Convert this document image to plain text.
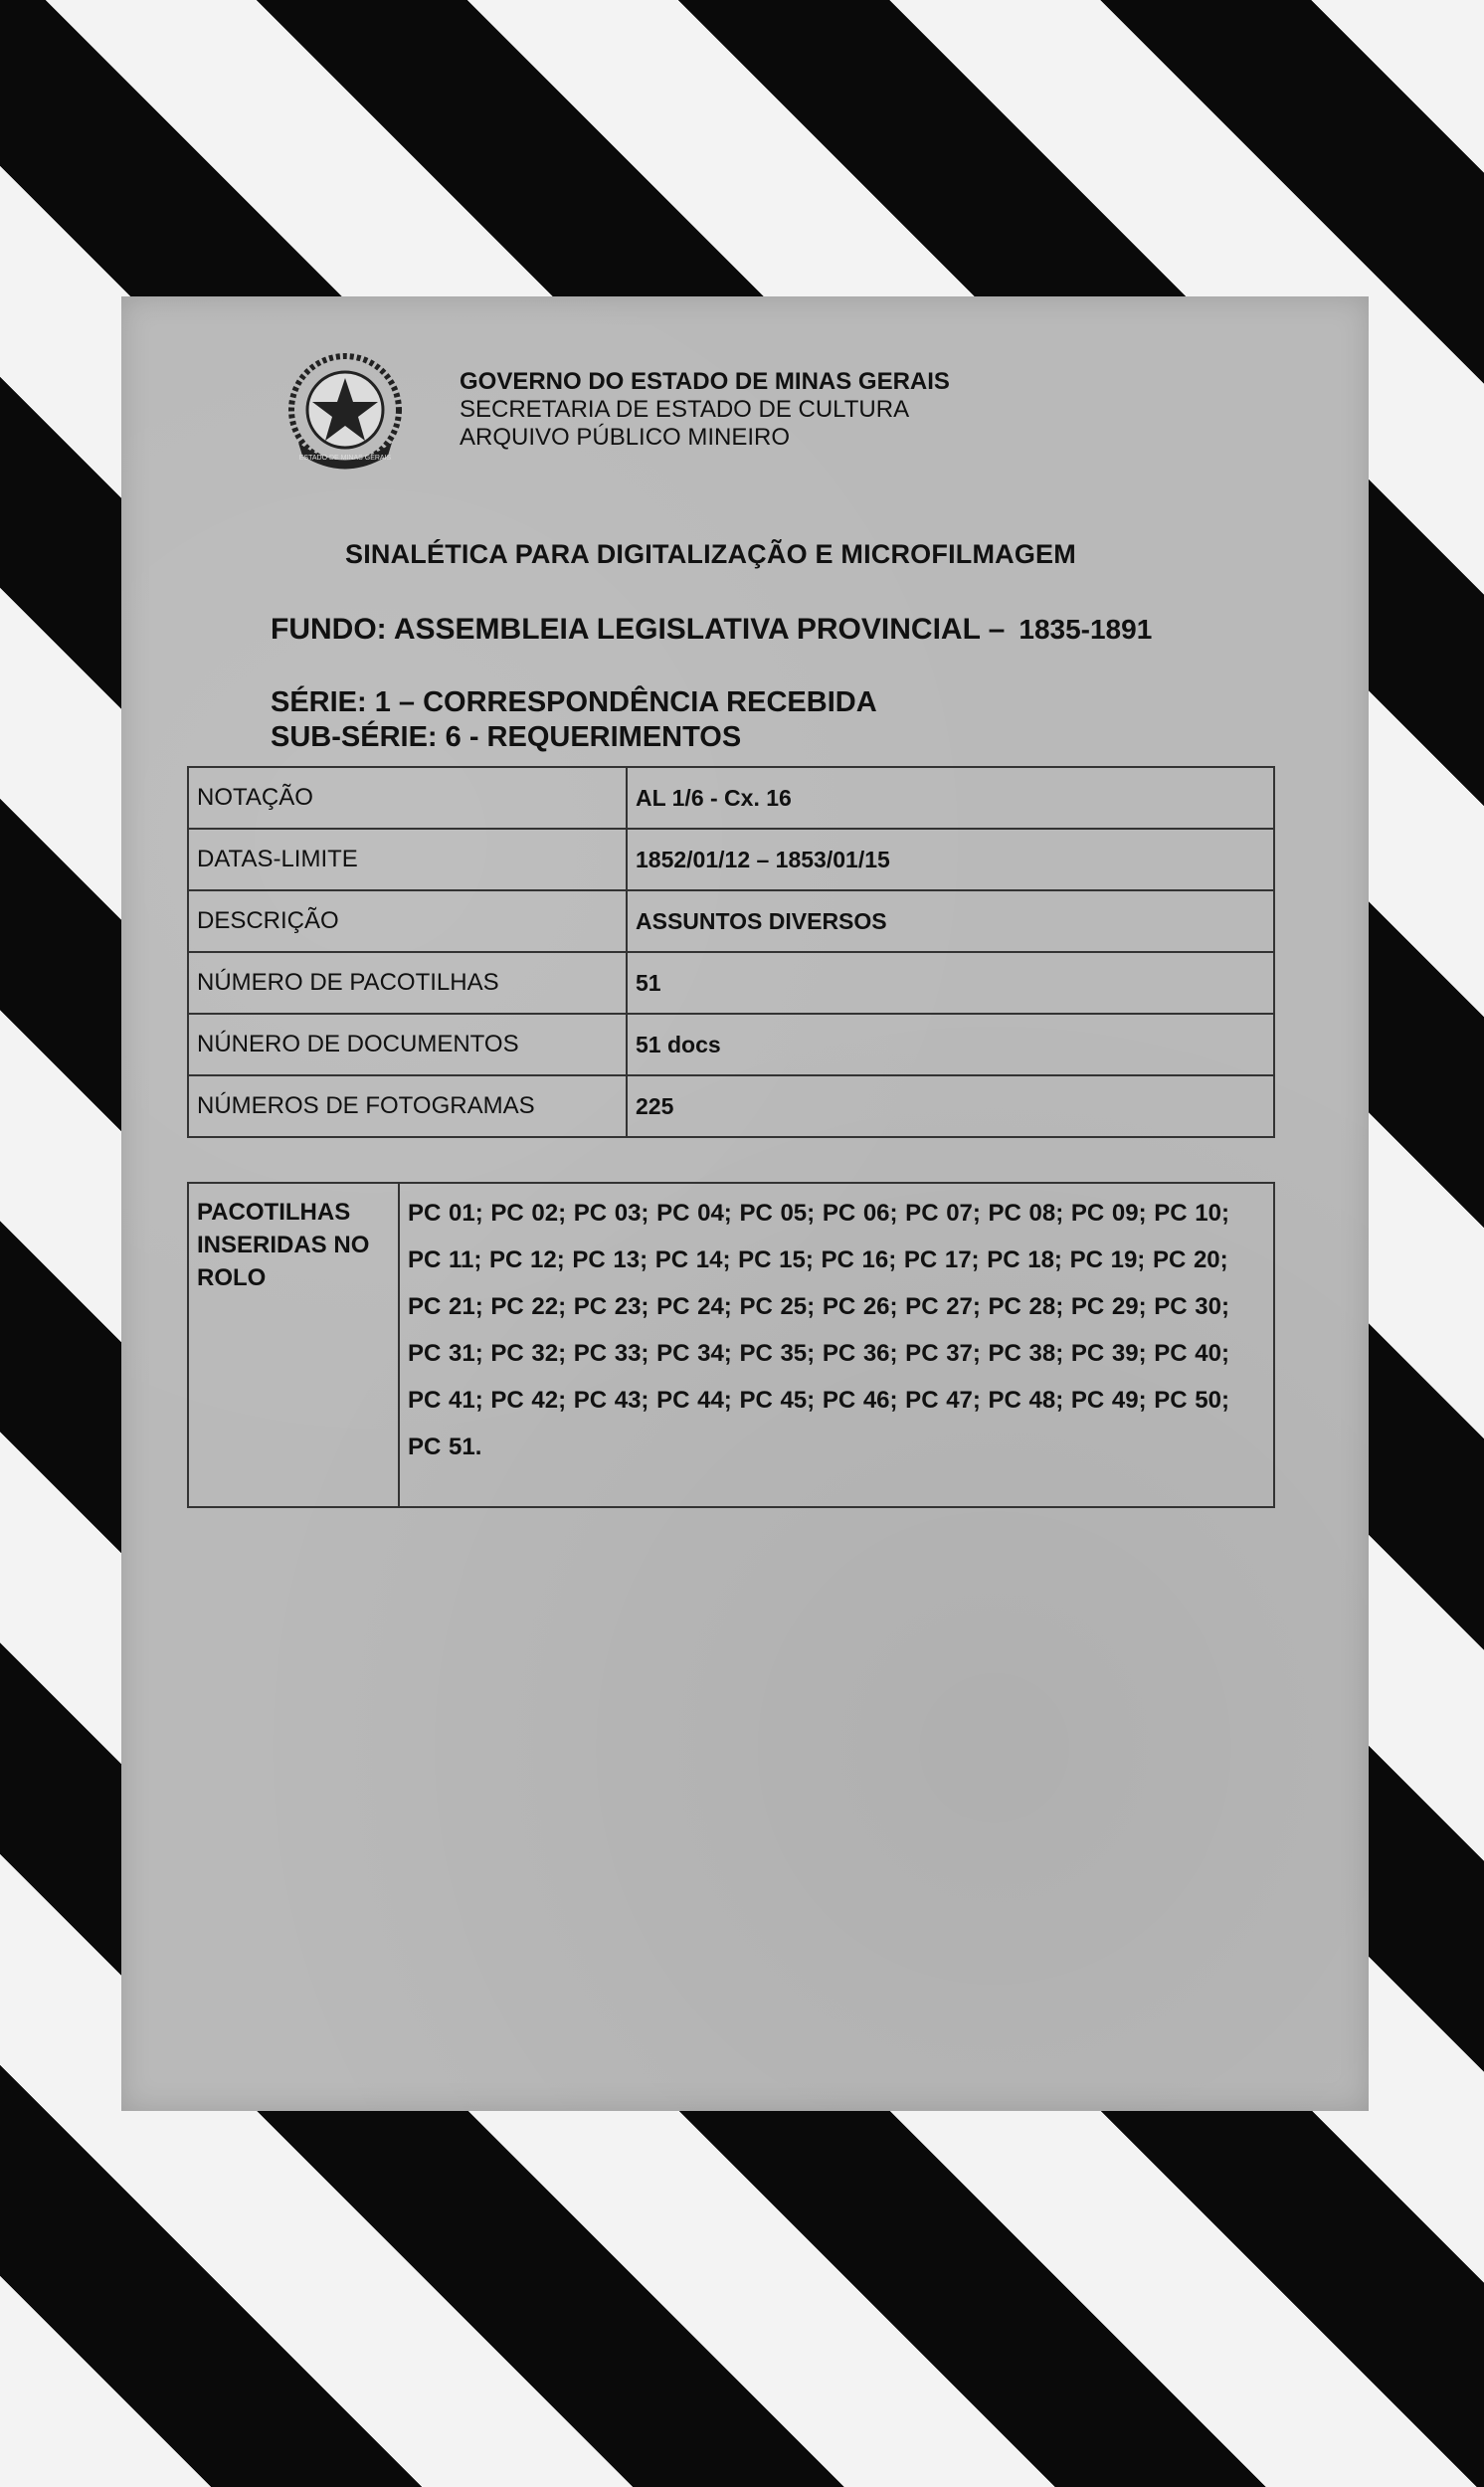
ESTADO DE MINAS GERAIS
GOVERNO DO ESTADO DE MINAS GERAIS
SECRETARIA DE ESTADO DE CULTURA
ARQUIVO PÚBLICO MINEIRO
SINALÉTICA PARA DIGITALIZAÇÃO E MICROFILMAGEM
FUNDO: ASSEMBLEIA LEGISLATIVA PROVINCIAL – 1835-1891
SÉRIE: 1 – CORRESPONDÊNCIA RECEBIDA
SUB-SÉRIE: 6 - REQUERIMENTOS
NOTAÇÃO	AL 1/6 - Cx. 16
DATAS-LIMITE	1852/01/12 – 1853/01/15
DESCRIÇÃO	ASSUNTOS DIVERSOS
NÚMERO DE PACOTILHAS	51
NÚNERO DE DOCUMENTOS	51 docs
NÚMEROS DE FOTOGRAMAS	225
PACOTILHAS
INSERIDAS NO
ROLO

PC 01; PC 02; PC 03; PC 04; PC 05; PC 06; PC 07; PC 08; PC 09; PC 10;
PC 11; PC 12; PC 13; PC 14; PC 15; PC 16; PC 17; PC 18; PC 19; PC 20;
PC 21; PC 22; PC 23; PC 24; PC 25; PC 26; PC 27; PC 28; PC 29; PC 30;
PC 31; PC 32; PC 33; PC 34; PC 35; PC 36; PC 37; PC 38; PC 39; PC 40;
PC 41; PC 42; PC 43; PC 44; PC 45; PC 46; PC 47; PC 48; PC 49; PC 50;
PC 51.
